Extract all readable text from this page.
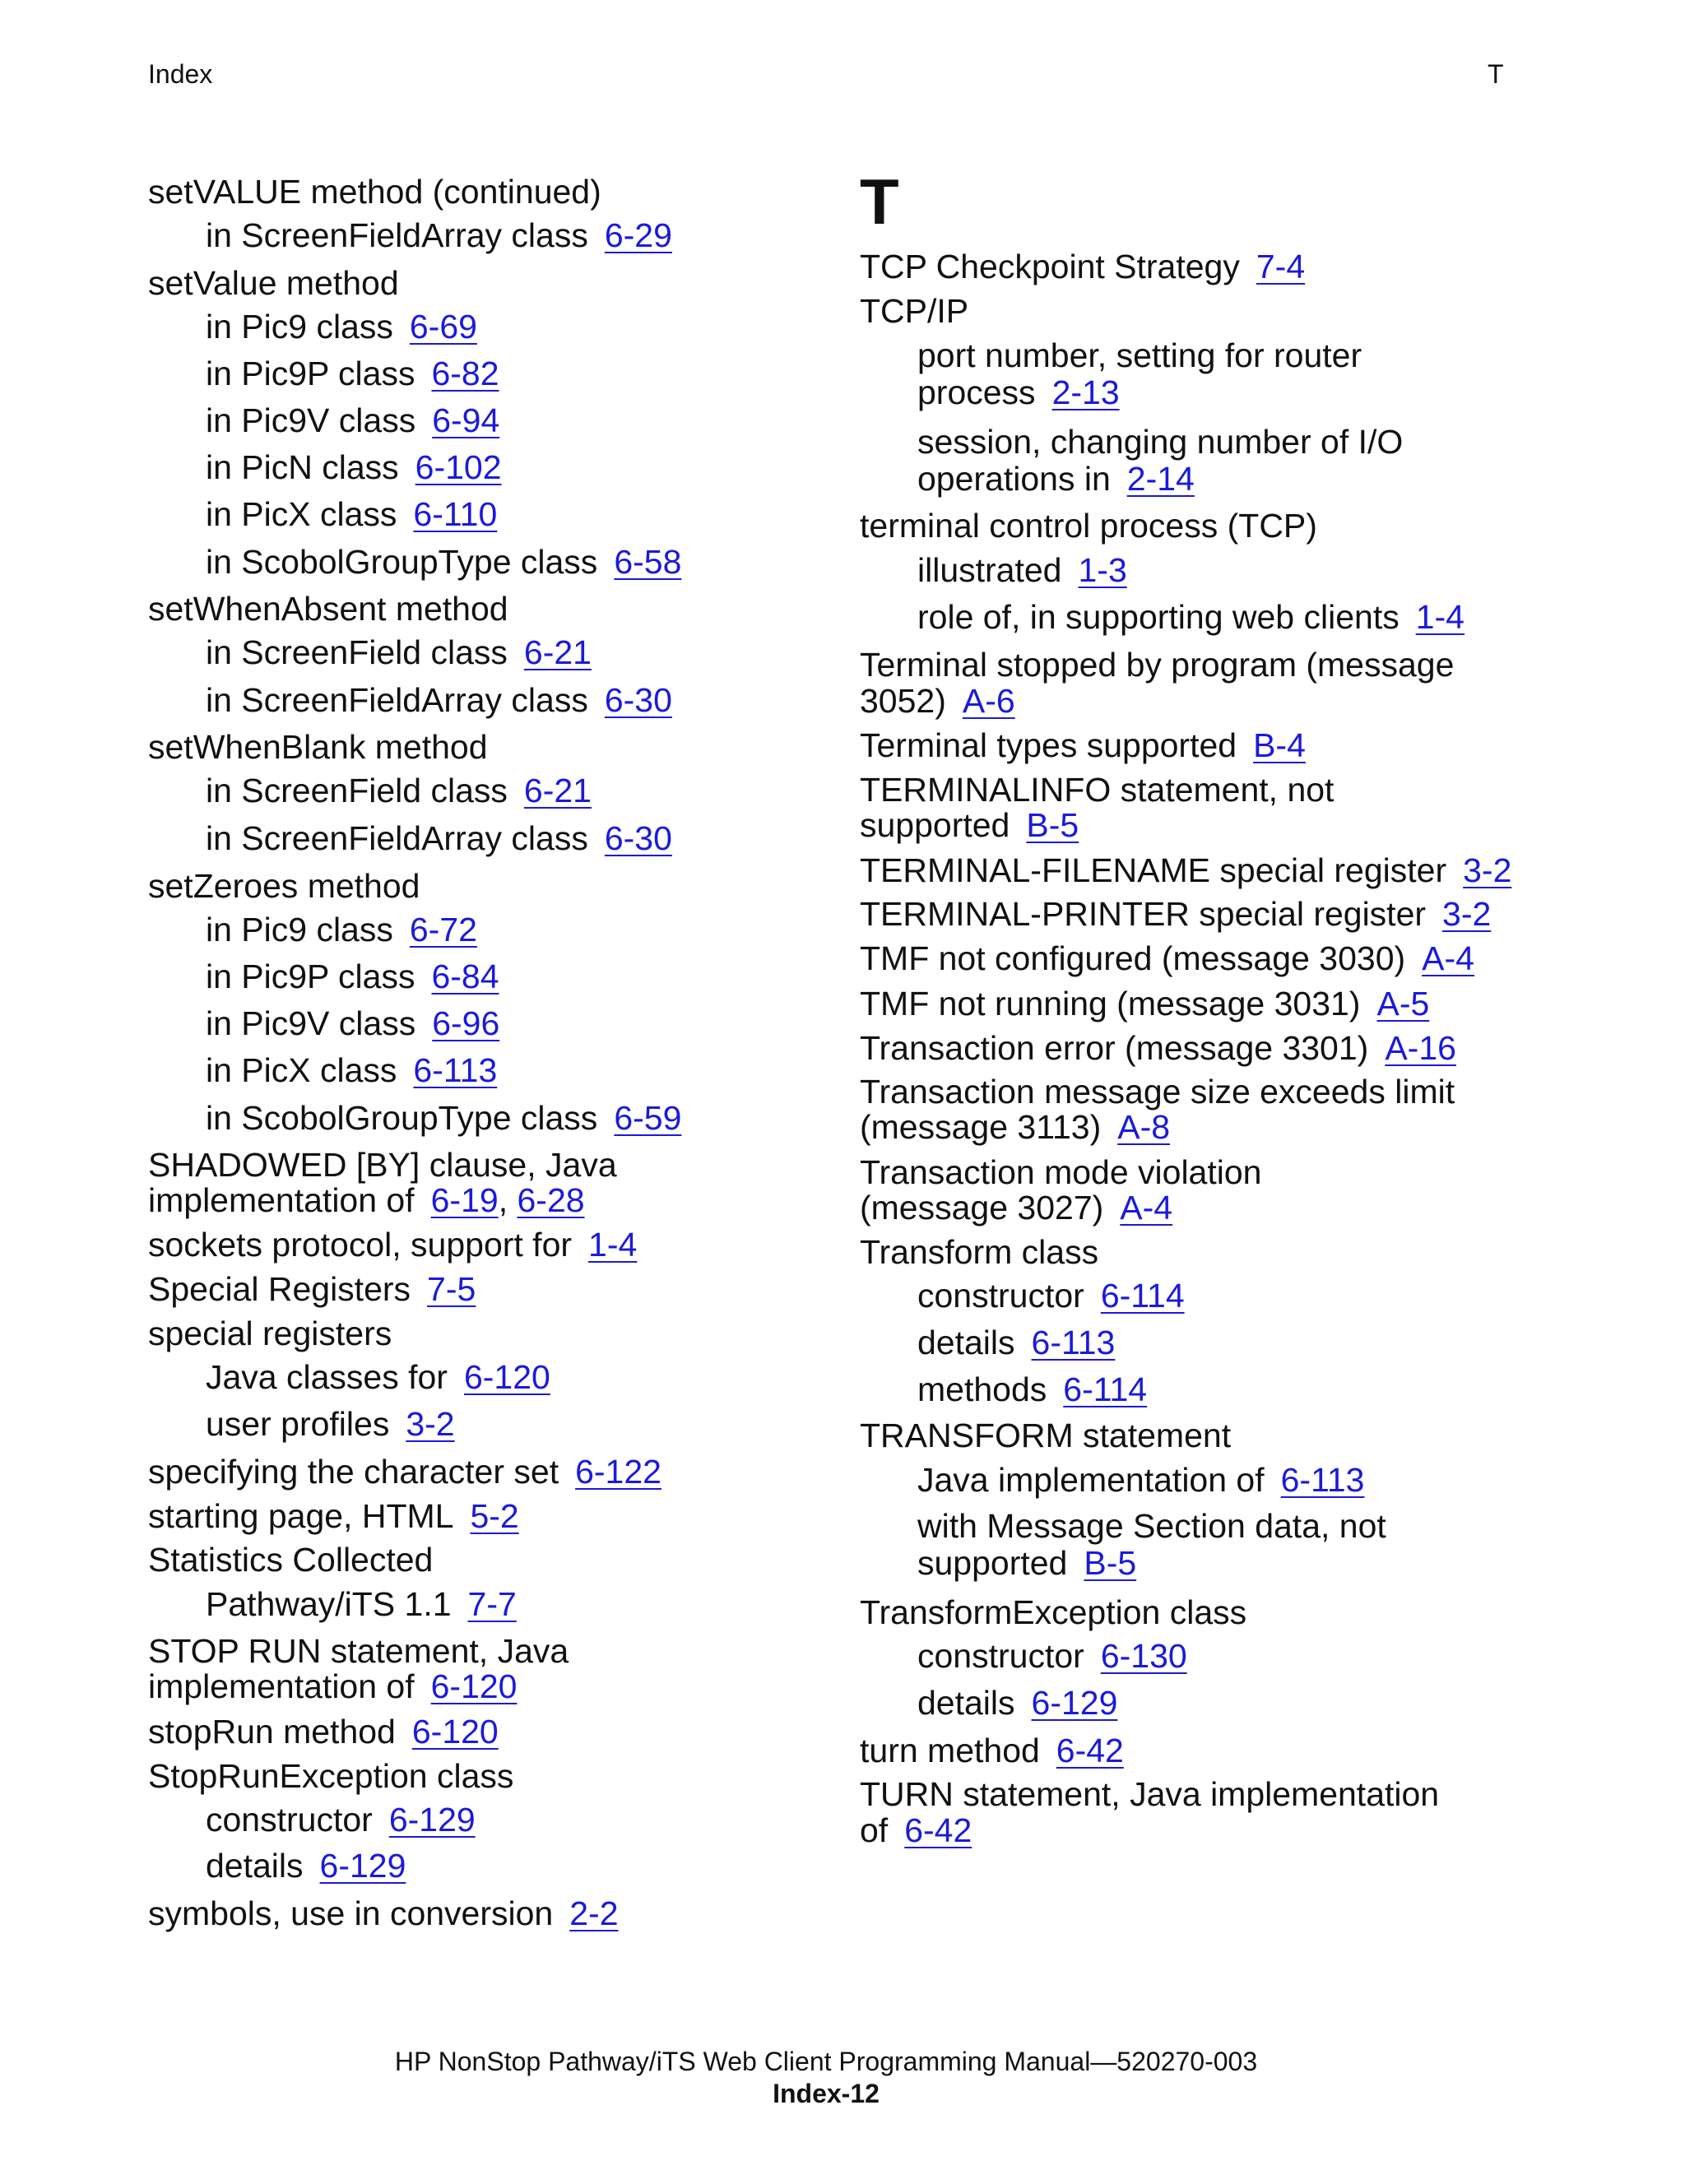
Index	T
setVALUE method (continued)
in ScreenFieldArray class 6-29
setValue method
in Pic9 class 6-69
in Pic9P class 6-82
in Pic9V class 6-94
in PicN class 6-102
in PicX class 6-110
in ScobolGroupType class 6-58
setWhenAbsent method
in ScreenField class 6-21
in ScreenFieldArray class 6-30
setWhenBlank method
in ScreenField class 6-21
in ScreenFieldArray class 6-30
setZeroes method
in Pic9 class 6-72
in Pic9P class 6-84
in Pic9V class 6-96
in PicX class 6-113
in ScobolGroupType class 6-59
SHADOWED [BY] clause, Java
implementation of 6-19, 6-28
sockets protocol, support for 1-4
Special Registers 7-5
special registers
Java classes for 6-120
user profiles 3-2
specifying the character set 6-122
starting page, HTML 5-2
Statistics Collected
Pathway/iTS 1.1 7-7
STOP RUN statement, Java
implementation of 6-120
stopRun method 6-120
StopRunException class
constructor 6-129
details 6-129
symbols, use in conversion 2-2
T
TCP Checkpoint Strategy 7-4
TCP/IP
port number, setting for router
process 2-13
session, changing number of I/O
operations in 2-14
terminal control process (TCP)
illustrated 1-3
role of, in supporting web clients 1-4
Terminal stopped by program (message
3052) A-6
Terminal types supported B-4
TERMINALINFO statement, not
supported B-5
TERMINAL-FILENAME special register 3-2
TERMINAL-PRINTER special register 3-2
TMF not configured (message 3030) A-4
TMF not running (message 3031) A-5
Transaction error (message 3301) A-16
Transaction message size exceeds limit
(message 3113) A-8
Transaction mode violation
(message 3027) A-4
Transform class
constructor 6-114
details 6-113
methods 6-114
TRANSFORM statement
Java implementation of 6-113
with Message Section data, not
supported B-5
TransformException class
constructor 6-130
details 6-129
turn method 6-42
TURN statement, Java implementation
of 6-42
HP NonStop Pathway/iTS Web Client Programming Manual—520270-003
Index-12
